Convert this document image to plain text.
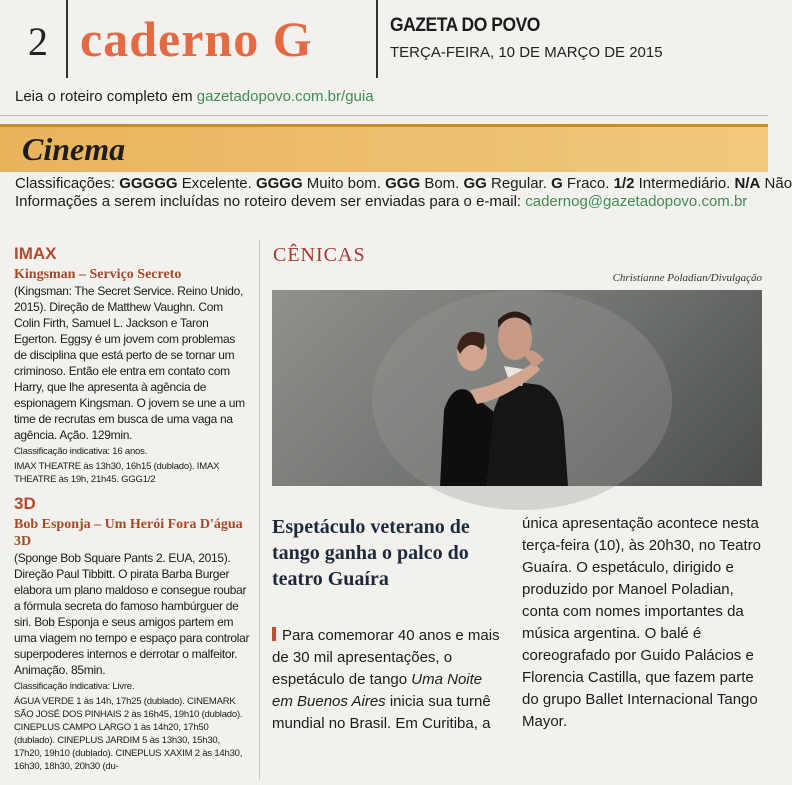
2 caderno G	GAZETA DO POVO
TERÇA-FEIRA, 10 DE MARÇO DE 2015
Leia o roteiro completo em gazetadopovo.com.br/guia
Cinema
Classificações: GGGGG Excelente. GGGG Muito bom. GGG Bom. GG Regular. G Fraco. 1/2 Intermediário. N/A Não
Informações a serem incluídas no roteiro devem ser enviadas para o e-mail: cadernog@gazetadopovo.com.br
IMAX
Kingsman – Serviço Secreto
(Kingsman: The Secret Service. Reino Unido, 2015). Direção de Matthew Vaughn. Com Colin Firth, Samuel L. Jackson e Taron Egerton. Eggsy é um jovem com problemas de disciplina que está perto de se tornar um criminoso. Então ele entra em contato com Harry, que lhe apresenta à agência de espionagem Kingsman. O jovem se une a um time de recrutas em busca de uma vaga na agência. Ação. 129min.
Classificação indicativa: 16 anos.
IMAX THEATRE às 13h30, 16h15 (dublado). IMAX THEATRE às 19h, 21h45. GGG1/2
3D
Bob Esponja – Um Herói Fora D'água 3D
(Sponge Bob Square Pants 2. EUA, 2015). Direção Paul Tibbitt. O pirata Barba Burger elabora um plano maldoso e consegue roubar a fórmula secreta do famoso hambúrguer de siri. Bob Esponja e seus amigos partem em uma viagem no tempo e espaço para controlar superpoderes internos e derrotar o malfeitor. Animação. 85min.
Classificação indicativa: Livre.
ÁGUA VERDE 1 às 14h, 17h25 (dublado). CINEMARK SÃO JOSÉ DOS PINHAIS 2 às 16h45, 19h10 (dublado). CINEPLUS CAMPO LARGO 1 às 14h20, 17h50 (dublado). CINEPLUS JARDIM 5 às 13h30, 15h30, 17h20, 19h10 (dublado). CINEPLUS XAXIM 2 às 14h30, 16h30, 18h30, 20h30 (du-
CÊNICAS
Christianne Poladian/Divulgação
Espetáculo veterano de tango ganha o palco do teatro Guaíra
Para comemorar 40 anos e mais de 30 mil apresentações, o espetáculo de tango Uma Noite em Buenos Aires inicia sua turnê mundial no Brasil. Em Curitiba, a
única apresentação acontece nesta terça-feira (10), às 20h30, no Teatro Guaíra. O espetáculo, dirigido e produzido por Manoel Poladian, conta com nomes importantes da música argentina. O balé é coreografado por Guido Palácios e Florencia Castilla, que fazem parte do grupo Ballet Internacional Tango Mayor.
